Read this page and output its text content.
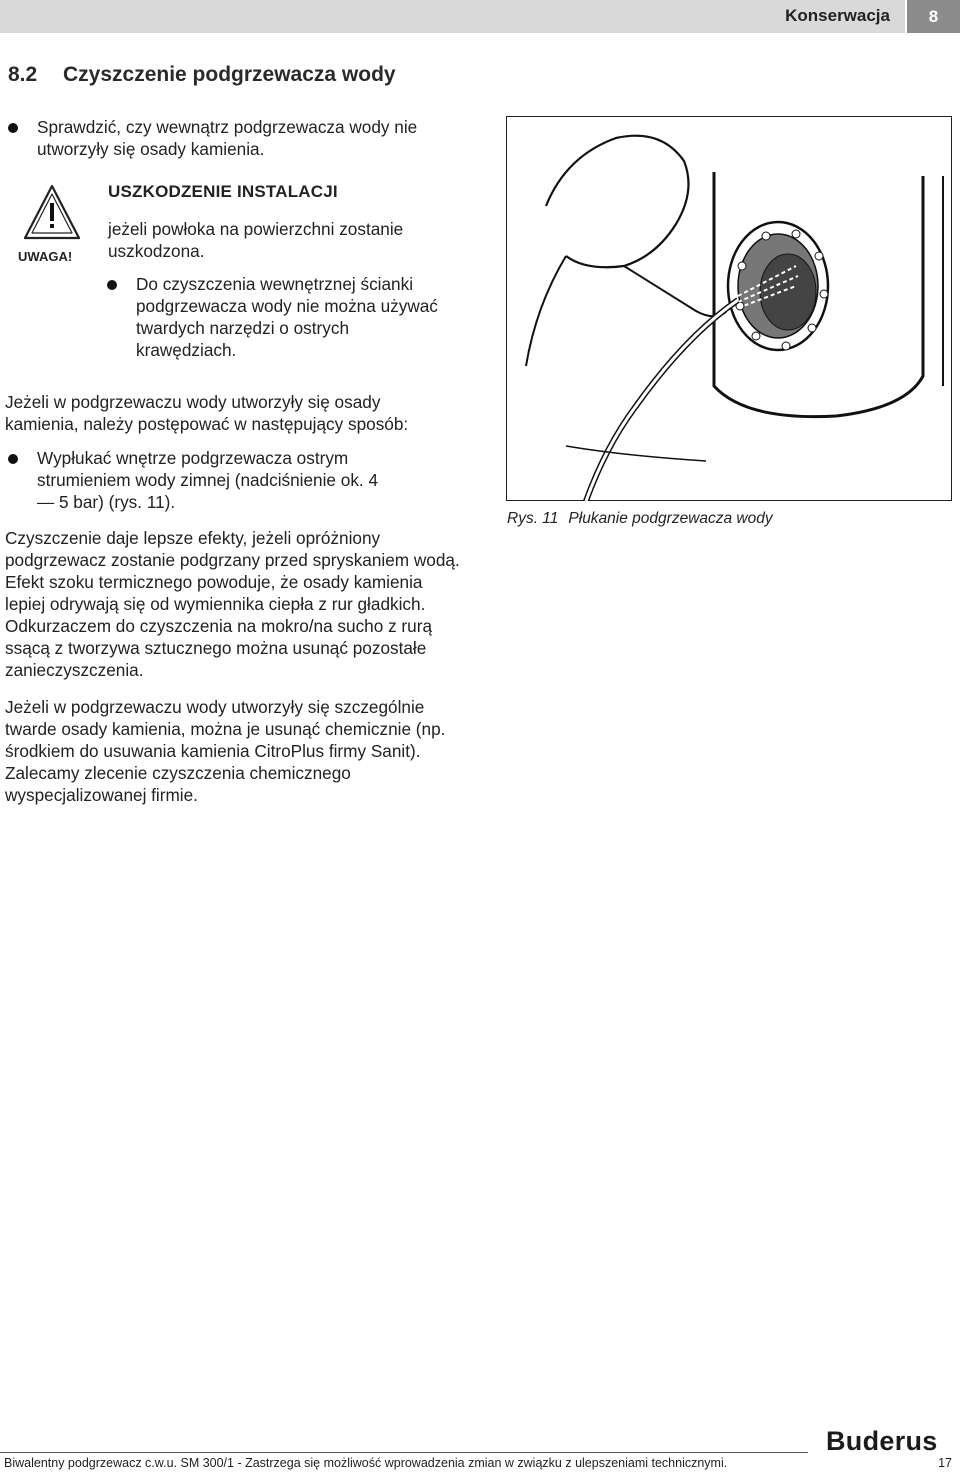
Konserwacja	8
8.2 Czyszczenie podgrzewacza wody
Sprawdzić, czy wewnątrz podgrzewacza wody nie utworzyły się osady kamienia.
UWAGA!
USZKODZENIE INSTALACJI
jeżeli powłoka na powierzchni zostanie uszkodzona.
Do czyszczenia wewnętrznej ścianki podgrzewacza wody nie można używać twardych narzędzi o ostrych krawędziach.
Jeżeli w podgrzewaczu wody utworzyły się osady kamienia, należy postępować w następujący sposób:
Wypłukać wnętrze podgrzewacza ostrym strumieniem wody zimnej (nadciśnienie ok. 4 — 5 bar) (rys. 11).
Czyszczenie daje lepsze efekty, jeżeli opróżniony podgrzewacz zostanie podgrzany przed spryskaniem wodą. Efekt szoku termicznego powoduje, że osady kamienia lepiej odrywają się od wymiennika ciepła z rur gładkich. Odkurzaczem do czyszczenia na mokro/na sucho z rurą ssącą z tworzywa sztucznego można usunąć pozostałe zanieczyszczenia.
Jeżeli w podgrzewaczu wody utworzyły się szczególnie twarde osady kamienia, można je usunąć chemicznie (np. środkiem do usuwania kamienia CitroPlus firmy Sanit). Zalecamy zlecenie czyszczenia chemicznego wyspecjalizowanej firmie.
Rys. 11 Płukanie podgrzewacza wody
Buderus
Biwalentny podgrzewacz c.w.u. SM 300/1 - Zastrzega się możliwość wprowadzenia zmian w związku z ulepszeniami technicznymi.	17
